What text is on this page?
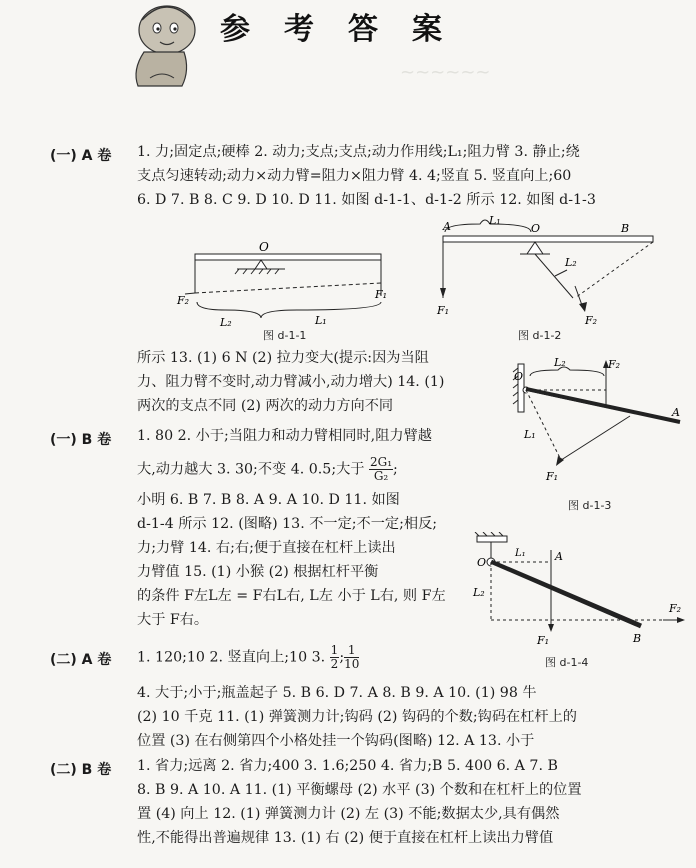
~~~~~~
参考答案
(一) A 卷 1. 力;固定点;硬棒 2. 动力;支点;支点;动力作用线;L₁;阻力臂 3. 静止;绕
支点匀速转动;动力×动力臂=阻力×阻力臂 4. 4;竖直 5. 竖直向上;60
6. D 7. B 8. C 9. D 10. D 11. 如图 d-1-1、d-1-2 所示 12. 如图 d-1-3
O
F₂	F₁
L₂	L₁
图 d-1-1
A	B
O
L₁
L₂
F₁
F₂
图 d-1-2
所示 13. (1) 6 N (2) 拉力变大(提示:因为当阻
力、阻力臂不变时,动力臂减小,动力增大) 14. (1)
两次的支点不同 (2) 两次的动力方向不同
O
A
L₂
L₁
F₂
F₁
图 d-1-3
(一) B 卷 1. 80 2. 小于;当阻力和动力臂相同时,阻力臂越
大,动力越大 3. 30;不变 4. 0.5;大于 $\frac{\text{2G₁}}{\text{G₂}}$;
小明 6. B 7. B 8. A 9. A 10. D 11. 如图
d-1-4 所示 12. (图略) 13. 不一定;不一定;相反;
力;力臂 14. 右;右;便于直接在杠杆上读出
力臂值 15. (1) 小猴 (2) 根据杠杆平衡
的条件 F左L左 = F右L右, L左 小于 L右, 则 F左
大于 F右。
O	A
B
L₁
L₂
F₁
F₂
图 d-1-4
(二) A 卷 1. 120;10 2. 竖直向上;10 3. $\frac{1}{2}$; $\frac{1}{10}$
4. 大于;小于;瓶盖起子 5. B 6. D 7. A 8. B 9. A 10. (1) 98 牛
(2) 10 千克 11. (1) 弹簧测力计;钩码 (2) 钩码的个数;钩码在杠杆上的
位置 (3) 在右侧第四个小格处挂一个钩码(图略) 12. A 13. 小于
(二) B 卷 1. 省力;远离 2. 省力;400 3. 1.6;250 4. 省力;B 5. 400 6. A 7. B
8. B 9. A 10. A 11. (1) 平衡螺母 (2) 水平 (3) 个数和在杠杆上的位置
置 (4) 向上 12. (1) 弹簧测力计 (2) 左 (3) 不能;数据太少,具有偶然
性,不能得出普遍规律 13. (1) 右 (2) 便于直接在杠杆上读出力臂值
